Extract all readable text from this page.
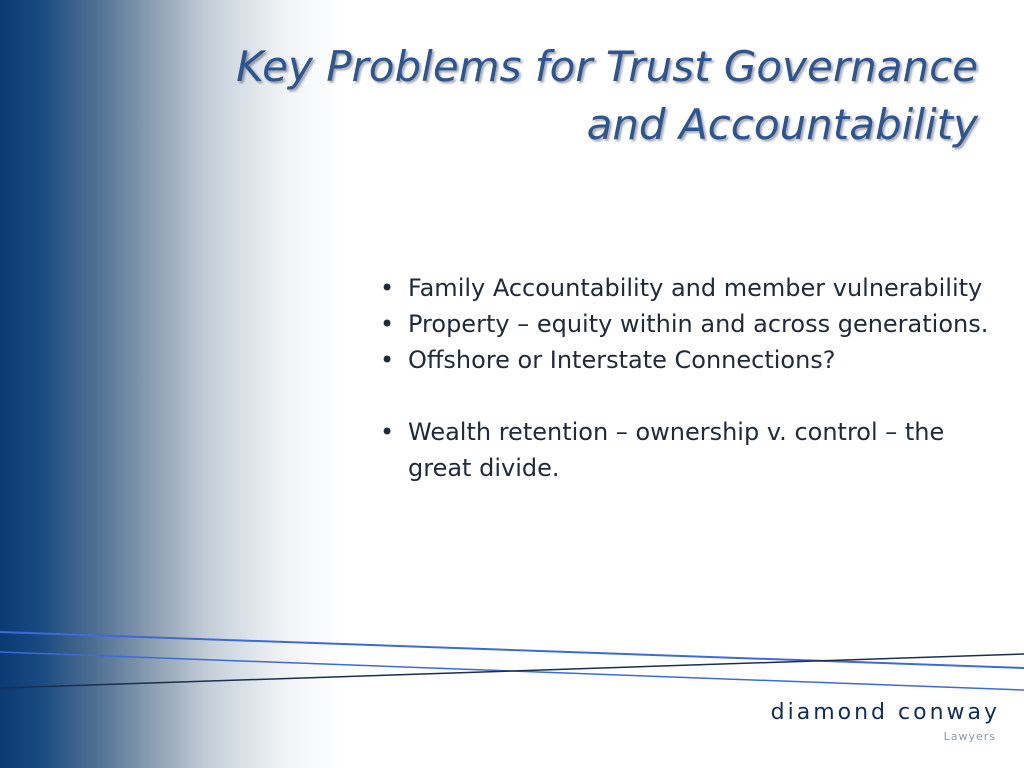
Key Problems for Trust Governance
and Accountability
• Family Accountability and member vulnerability
• Property – equity within and across generations.
• Offshore or Interstate Connections?
• Wealth retention – ownership v. control – the great divide.
diamond conway
Lawyers
